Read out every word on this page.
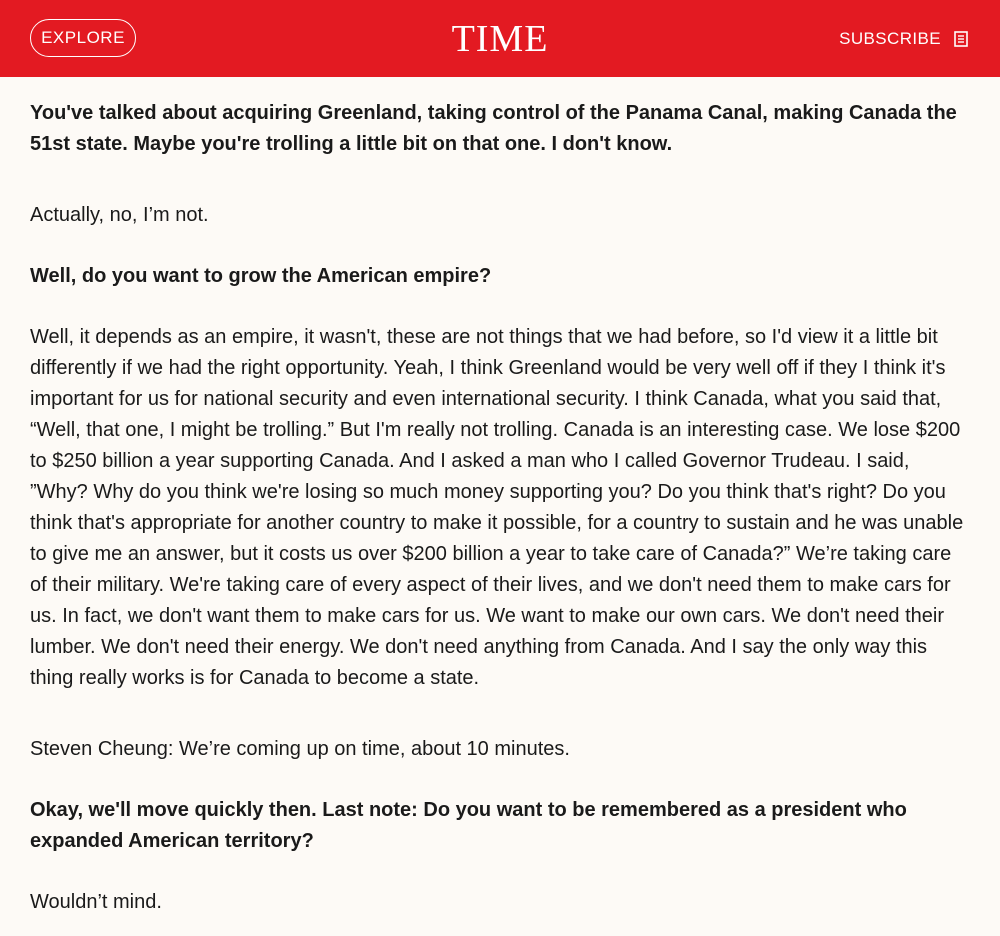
EXPLORE	TIME	SUBSCRIBE

You've talked about acquiring Greenland, taking control of the Panama Canal, making Canada the 51st state. Maybe you're trolling a little bit on that one. I don't know.

Actually, no, I’m not.

Well, do you want to grow the American empire?

Well, it depends as an empire, it wasn't, these are not things that we had before, so I'd view it a little bit differently if we had the right opportunity. Yeah, I think Greenland would be very well off if they I think it's important for us for national security and even international security. I think Canada, what you said that, “Well, that one, I might be trolling.” But I'm really not trolling. Canada is an interesting case. We lose $200 to $250 billion a year supporting Canada. And I asked a man who I called Governor Trudeau. I said, ”Why? Why do you think we're losing so much money supporting you? Do you think that's right? Do you think that's appropriate for another country to make it possible, for a country to sustain and he was unable to give me an answer, but it costs us over $200 billion a year to take care of Canada?” We’re taking care of their military. We're taking care of every aspect of their lives, and we don't need them to make cars for us. In fact, we don't want them to make cars for us. We want to make our own cars. We don't need their lumber. We don't need their energy. We don't need anything from Canada. And I say the only way this thing really works is for Canada to become a state.

Steven Cheung: We’re coming up on time, about 10 minutes.

Okay, we'll move quickly then. Last note: Do you want to be remembered as a president who expanded American territory?

Wouldn’t mind.
